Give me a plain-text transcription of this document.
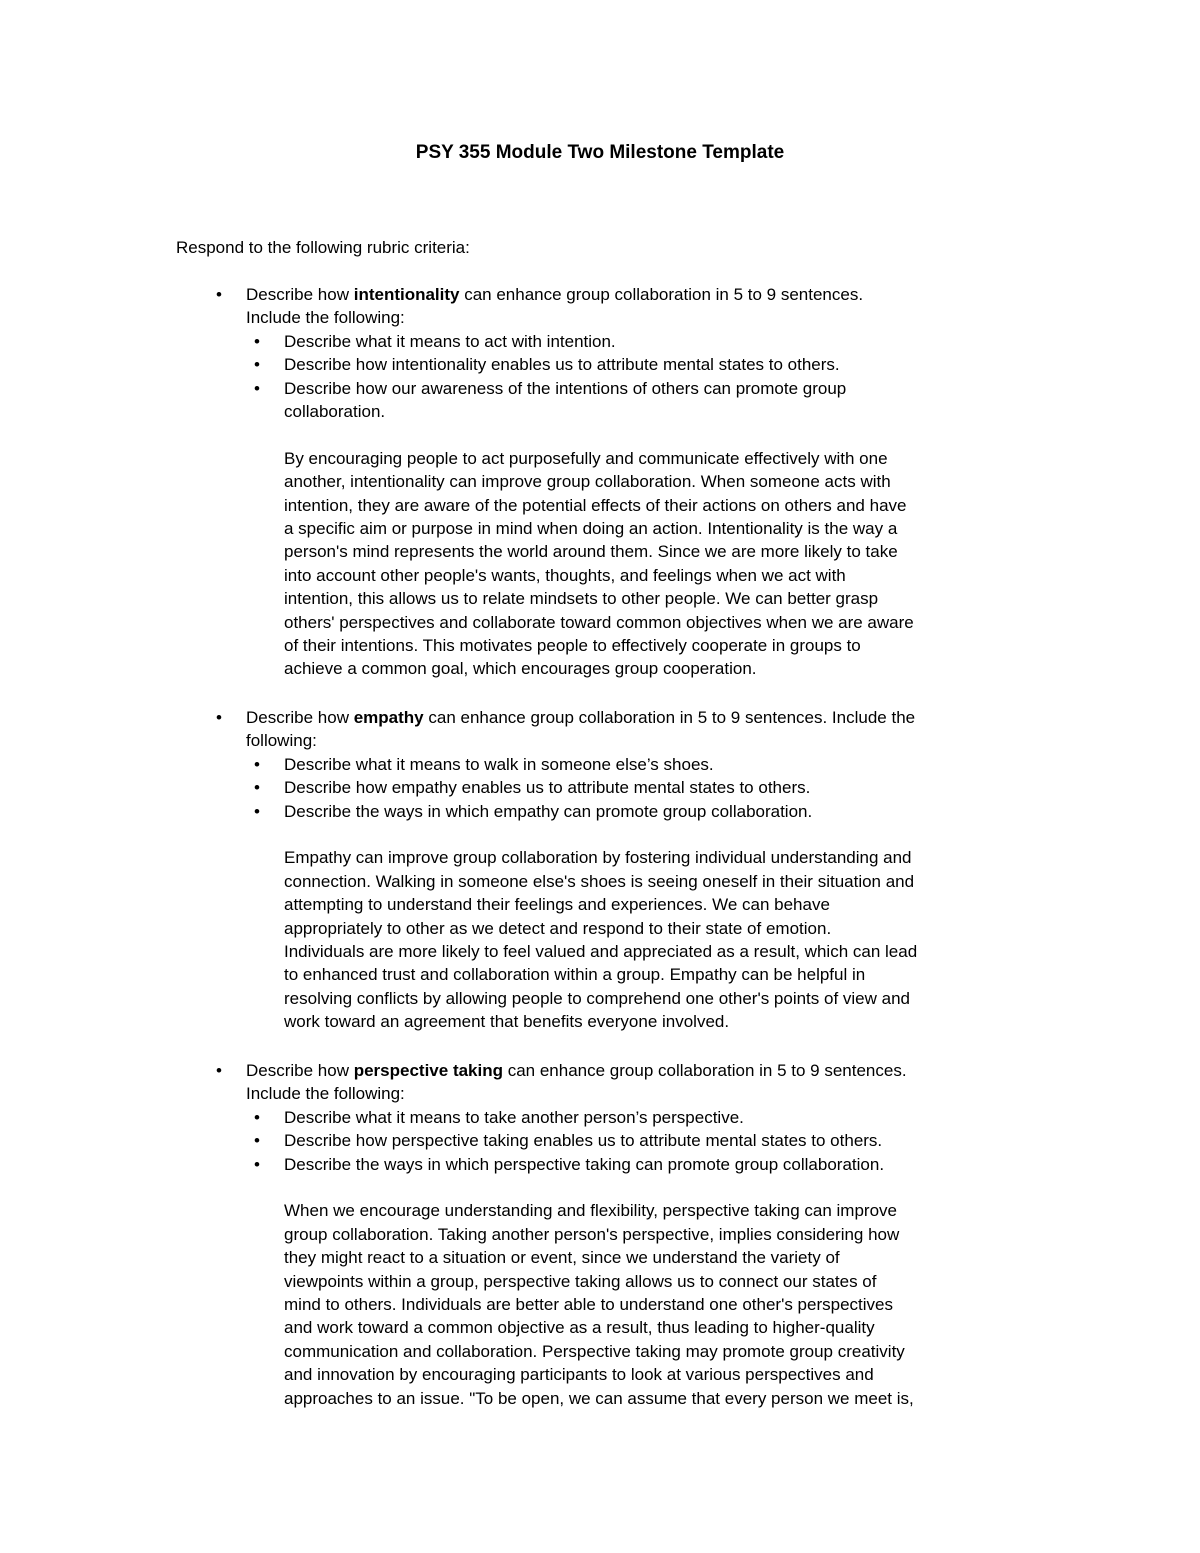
PSY 355 Module Two Milestone Template
Respond to the following rubric criteria:
•	Describe how intentionality can enhance group collaboration in 5 to 9 sentences.
Include the following:
•	Describe what it means to act with intention.
•	Describe how intentionality enables us to attribute mental states to others.
•	Describe how our awareness of the intentions of others can promote group
collaboration.
By encouraging people to act purposefully and communicate effectively with one
another, intentionality can improve group collaboration. When someone acts with
intention, they are aware of the potential effects of their actions on others and have
a specific aim or purpose in mind when doing an action. Intentionality is the way a
person's mind represents the world around them. Since we are more likely to take
into account other people's wants, thoughts, and feelings when we act with
intention, this allows us to relate mindsets to other people. We can better grasp
others' perspectives and collaborate toward common objectives when we are aware
of their intentions. This motivates people to effectively cooperate in groups to
achieve a common goal, which encourages group cooperation.
•	Describe how empathy can enhance group collaboration in 5 to 9 sentences. Include the
following:
•	Describe what it means to walk in someone else’s shoes.
•	Describe how empathy enables us to attribute mental states to others.
•	Describe the ways in which empathy can promote group collaboration.
Empathy can improve group collaboration by fostering individual understanding and
connection. Walking in someone else's shoes is seeing oneself in their situation and
attempting to understand their feelings and experiences. We can behave
appropriately to other as we detect and respond to their state of emotion.
Individuals are more likely to feel valued and appreciated as a result, which can lead
to enhanced trust and collaboration within a group. Empathy can be helpful in
resolving conflicts by allowing people to comprehend one other's points of view and
work toward an agreement that benefits everyone involved.
•	Describe how perspective taking can enhance group collaboration in 5 to 9 sentences.
Include the following:
•	Describe what it means to take another person’s perspective.
•	Describe how perspective taking enables us to attribute mental states to others.
•	Describe the ways in which perspective taking can promote group collaboration.
When we encourage understanding and flexibility, perspective taking can improve
group collaboration. Taking another person's perspective, implies considering how
they might react to a situation or event, since we understand the variety of
viewpoints within a group, perspective taking allows us to connect our states of
mind to others. Individuals are better able to understand one other's perspectives
and work toward a common objective as a result, thus leading to higher-quality
communication and collaboration. Perspective taking may promote group creativity
and innovation by encouraging participants to look at various perspectives and
approaches to an issue. "To be open, we can assume that every person we meet is,
